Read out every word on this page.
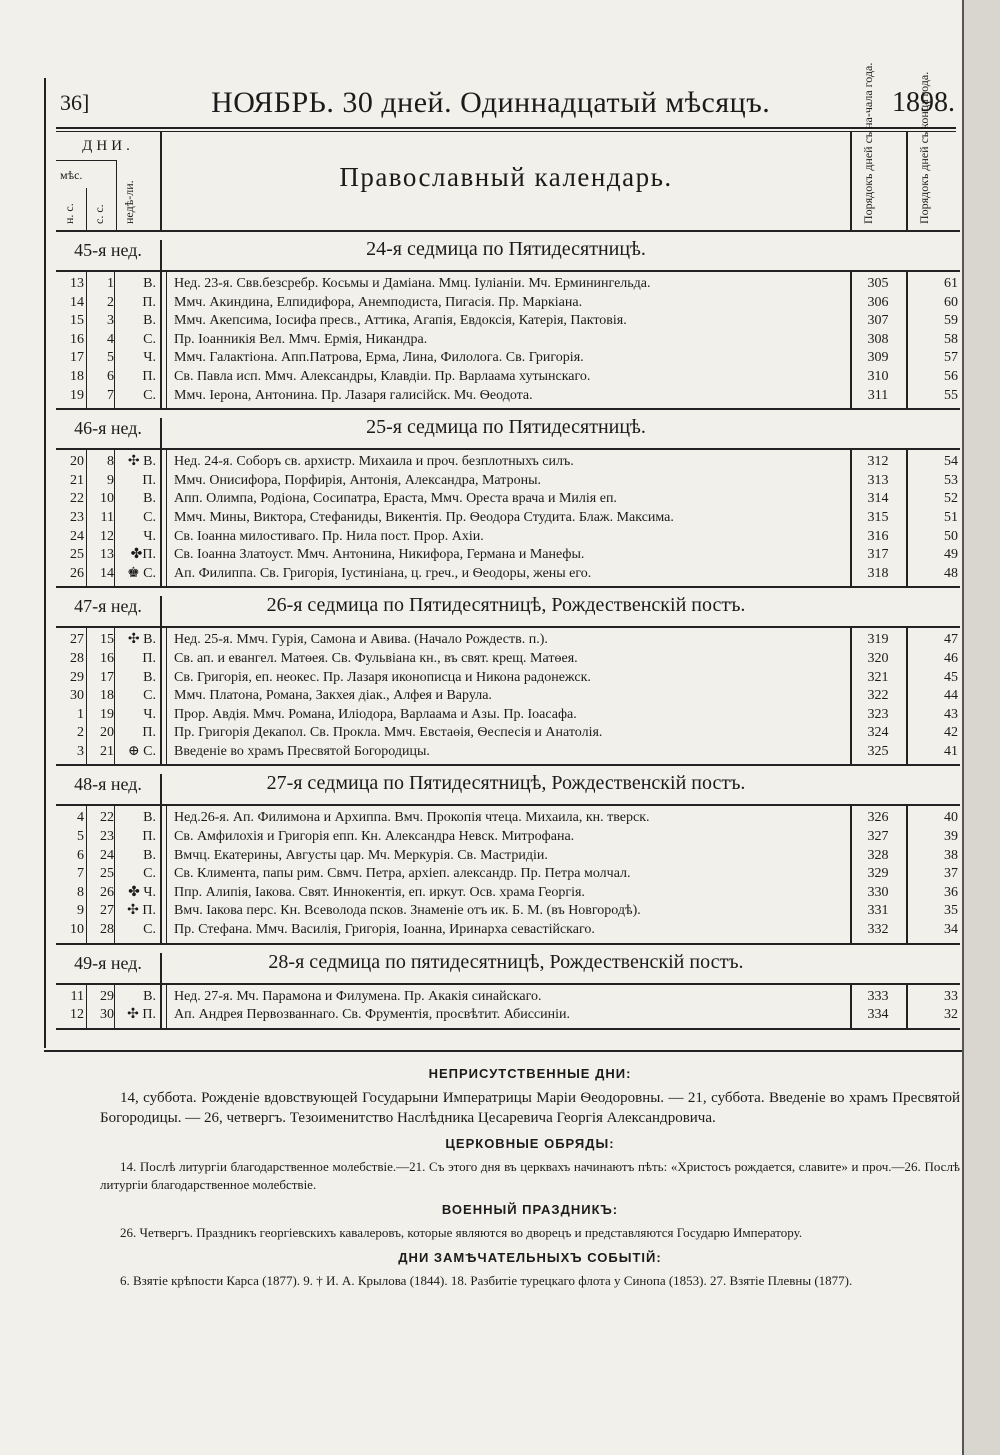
36]	НОЯБРЬ. 30 дней. Одиннадцатый мѣсяцъ.	1898.
ДНИ.
мѣс.
н. с. с. с. недѣ-ли.
Православный календарь.	Порядокъ дней съ на-чала года.	Порядокъ дней съ конца года.
45-я нед.	24-я седмица по Пятидесятницѣ.
13	1	В. Нед. 23-я. Свв.безсребр. Косьмы и Даміана. Ммц. Іуліаніи. Мч. Ерминингельда.	305	61
14	2	П. Ммч. Акиндина, Елпидифора, Анемподиста, Пигасія. Пр. Маркіана.	306	60
15	3	В. Ммч. Акепсима, Іосифа пресв., Аттика, Агапія, Евдоксія, Катерія, Пактовія.	307	59
16	4	С. Пр. Іоанникія Вел. Ммч. Ермія, Никандра.	308	58
17	5	Ч. Ммч. Галактіона. Апп.Патрова, Ерма, Лина, Филолога. Св. Григорія.	309	57
18	6	П. Св. Павла исп. Ммч. Александры, Клавдіи. Пр. Варлаама хутынскаго.	310	56
19	7	С. Ммч. Іерона, Антонина. Пр. Лазаря галисійск. Мч. Ѳеодота.	311	55
46-я нед.	25-я седмица по Пятидесятницѣ.
20	8 ✣ В. Нед. 24-я. Соборъ св. архистр. Михаила и проч. безплотныхъ силъ.	312	54
21	9	П. Ммч. Онисифора, Порфирія, Антонія, Александра, Матроны.	313	53
22	10	В. Апп. Олимпа, Родіона, Сосипатра, Ераста, Ммч. Ореста врача и Милія еп.	314	52
23	11	С. Ммч. Мины, Виктора, Стефаниды, Викентія. Пр. Ѳеодора Студита. Блаж. Максима.	315	51
24	12	Ч. Св. Іоанна милостиваго. Пр. Нила пост. Прор. Ахіи.	316	50
25	13	✤П. Св. Іоанна Златоуст. Ммч. Антонина, Никифора, Германа и Манефы.	317	49
26	14 ♚ С. Ап. Филиппа. Св. Григорія, Іустиніана, ц. греч., и Ѳеодоры, жены его.	318	48
47-я нед.	26-я седмица по Пятидесятницѣ, Рождественскій постъ.
27	15 ✣ В. Нед. 25-я. Ммч. Гурія, Самона и Авива. (Начало Рождеств. п.).	319	47
28	16	П. Св. ап. и евангел. Матѳея. Св. Фульвіана кн., въ свят. крещ. Матѳея.	320	46
29	17	В. Св. Григорія, еп. неокес. Пр. Лазаря иконописца и Никона радонежск.	321	45
30	18	С. Ммч. Платона, Романа, Закхея діак., Алфея и Варула.	322	44
1	19	Ч. Прор. Авдія. Ммч. Романа, Иліодора, Варлаама и Азы. Пр. Іоасафа.	323	43
2	20	П. Пр. Григорія Декапол. Св. Прокла. Ммч. Евстаѳія, Ѳеспесія и Анатолія.	324	42
3	21 ⊕ С. Введеніе во храмъ Пресвятой Богородицы.	325	41
48-я нед.	27-я седмица по Пятидесятницѣ, Рождественскій постъ.
4	22	В. Нед.26-я. Ап. Филимона и Архиппа. Вмч. Прокопія чтеца. Михаила, кн. тверск.	326	40
5	23	П. Св. Амфилохія и Григорія епп. Кн. Александра Невск. Митрофана.	327	39
6	24	В. Вмчц. Екатерины, Августы цар. Мч. Меркурія. Св. Мастридіи.	328	38
7	25	С. Св. Климента, папы рим. Свмч. Петра, архіеп. александр. Пр. Петра молчал.	329	37
8	26	✤ Ч. Ппр. Алипія, Іакова. Свят. Иннокентія, еп. иркут. Осв. храма Георгія.	330	36
9	27 ✣ П. Вмч. Іакова перс. Кн. Всеволода псков. Знаменіе отъ ик. Б. М. (въ Новгородѣ).	331	35
10	28	С. Пр. Стефана. Ммч. Василія, Григорія, Іоанна, Иринарха севастійскаго.	332	34
49-я нед.	28-я седмица по пятидесятницѣ, Рождественскій постъ.
11	29	В. Нед. 27-я. Мч. Парамона и Филумена. Пр. Акакія синайскаго.	333	33
12	30 ✣ П. Ап. Андрея Первозваннаго. Св. Фрументія, просвѣтит. Абиссиніи.	334	32
НЕПРИСУТСТВЕННЫЕ ДНИ:

14, суббота. Рожденіе вдовствующей Государыни Императрицы Маріи Ѳеодоровны. — 21, суббота. Введеніе во храмъ Пресвятой Богородицы. — 26, четвергъ. Тезоименитство Наслѣдника Цесаревича Георгія Александровича.

ЦЕРКОВНЫЕ ОБРЯДЫ:

14. Послѣ литургіи благодарственное молебствіе.—21. Съ этого дня въ церквахъ начинаютъ пѣть: «Христосъ рождается, славите» и проч.—26. Послѣ литургіи благодарственное молебствіе.

ВОЕННЫЙ ПРАЗДНИКЪ:

26. Четвергъ. Праздникъ георгіевскихъ кавалеровъ, которые являются во дворецъ и представляются Государю Императору.

ДНИ ЗАМѢЧАТЕЛЬНЫХЪ СОБЫТІЙ:

6. Взятіе крѣпости Карса (1877). 9. † И. А. Крылова (1844). 18. Разбитіе турецкаго флота у Синопа (1853). 27. Взятіе Плевны (1877).
